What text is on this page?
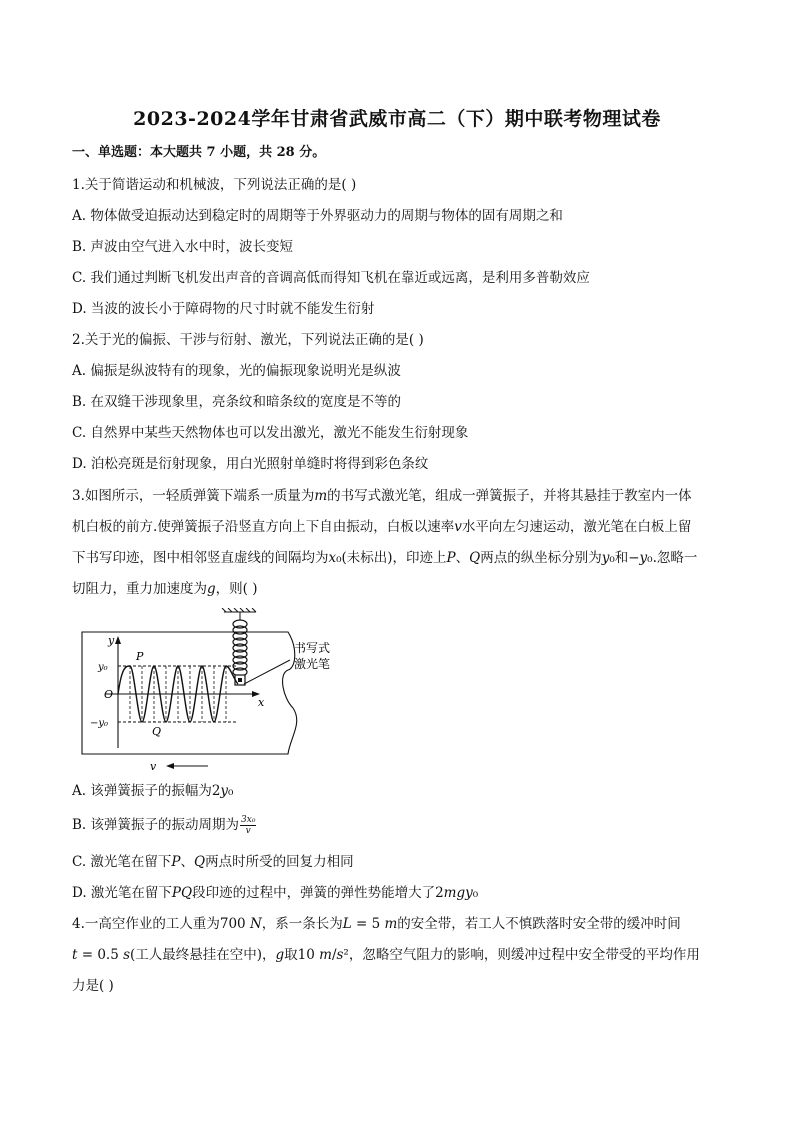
2023-2024学年甘肃省武威市高二（下）期中联考物理试卷
一、单选题：本大题共 7 小题，共 28 分。
1.关于简谐运动和机械波，下列说法正确的是( )
A. 物体做受迫振动达到稳定时的周期等于外界驱动力的周期与物体的固有周期之和
B. 声波由空气进入水中时，波长变短
C. 我们通过判断飞机发出声音的音调高低而得知飞机在靠近或远离，是利用多普勒效应
D. 当波的波长小于障碍物的尺寸时就不能发生衍射
2.关于光的偏振、干涉与衍射、激光，下列说法正确的是( )
A. 偏振是纵波特有的现象，光的偏振现象说明光是纵波
B. 在双缝干涉现象里，亮条纹和暗条纹的宽度是不等的
C. 自然界中某些天然物体也可以发出激光，激光不能发生衍射现象
D. 泊松亮斑是衍射现象，用白光照射单缝时将得到彩色条纹
3.如图所示，一轻质弹簧下端系一质量为𝑚的书写式激光笔，组成一弹簧振子，并将其悬挂于教室内一体
机白板的前方.使弹簧振子沿竖直方向上下自由振动，白板以速率𝑣水平向左匀速运动，激光笔在白板上留
下书写印迹，图中相邻竖直虚线的间隔均为𝑥₀(未标出)，印迹上𝑃、𝑄两点的纵坐标分别为𝑦₀和−𝑦₀.忽略一
切阻力，重力加速度为𝑔，则( )
y
y₀
P
O
x
−y₀
Q
v
书写式
激光笔
A. 该弹簧振子的振幅为2𝑦₀
B. 该弹簧振子的振动周期为 $\frac{\text{3x₀}}{v}$
C. 激光笔在留下𝑃、𝑄两点时所受的回复力相同
D. 激光笔在留下𝑃𝑄段印迹的过程中，弹簧的弹性势能增大了2𝑚𝑔𝑦₀
4.一高空作业的工人重为700 𝑁，系一条长为𝐿 = 5 𝑚的安全带，若工人不慎跌落时安全带的缓冲时间
𝑡 = 0.5 𝑠(工人最终悬挂在空中)，𝑔取10 𝑚/𝑠²，忽略空气阻力的影响，则缓冲过程中安全带受的平均作用
力是( )
